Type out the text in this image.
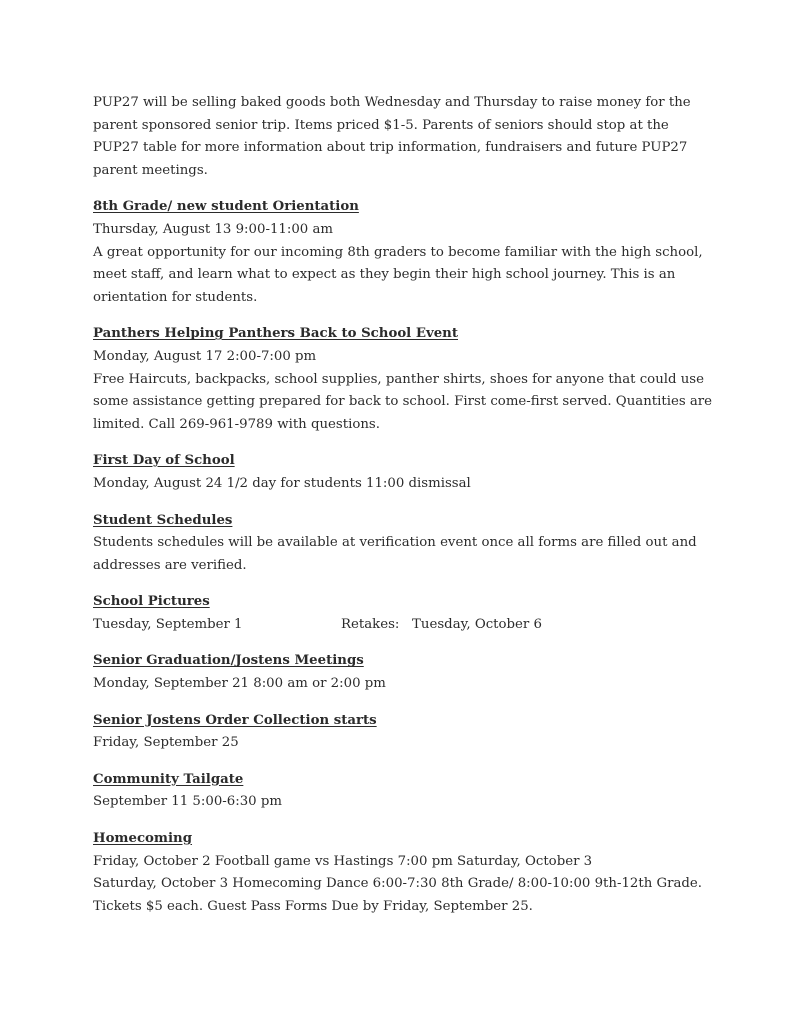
PUP27 will be selling baked goods both Wednesday and Thursday to raise money for the parent sponsored senior trip. Items priced $1-5. Parents of seniors should stop at the PUP27 table for more information about trip information, fundraisers and future PUP27 parent meetings.

8th Grade/ new student Orientation

Thursday, August 13 9:00-11:00 am

A great opportunity for our incoming 8th graders to become familiar with the high school, meet staff, and learn what to expect as they begin their high school journey. This is an orientation for students.

Panthers Helping Panthers Back to School Event

Monday, August 17 2:00-7:00 pm

Free Haircuts, backpacks, school supplies, panther shirts, shoes for anyone that could use some assistance getting prepared for back to school. First come-first served. Quantities are limited. Call 269-961-9789 with questions.

First Day of School

Monday, August 24 1/2 day for students 11:00 dismissal

Student Schedules

Students schedules will be available at verification event once all forms are filled out and addresses are verified.

School Pictures
Tuesday, September 1	Retakes:   Tuesday, October 6
Senior Graduation/Jostens Meetings

Monday, September 21 8:00 am or 2:00 pm

Senior Jostens Order Collection starts

Friday, September 25

Community Tailgate

September 11 5:00-6:30 pm

Homecoming

Friday, October 2 Football game vs Hastings 7:00 pm Saturday, October 3

Saturday, October 3 Homecoming Dance 6:00-7:30 8th Grade/ 8:00-10:00 9th-12th Grade. Tickets $5 each. Guest Pass Forms Due by Friday, September 25.
